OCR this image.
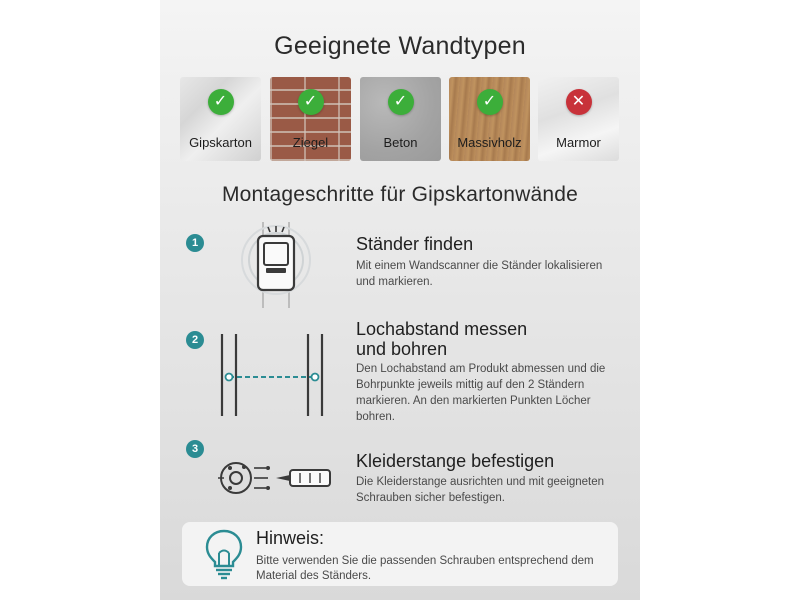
Geeignete Wandtypen
✓
Gipskarton
✓
Ziegel
✓
Beton
✓
Massivholz
✕
Marmor
Montageschritte für Gipskartonwände
1	Ständer finden
Mit einem Wandscanner die Ständer lokalisieren und markieren.
2
Lochabstand messen
und bohren
Den Lochabstand am Produkt abmessen und die Bohrpunkte jeweils mittig auf den 2 Ständern markieren. An den markierten Punkten Löcher bohren.
3
Kleiderstange befestigen
Die Kleiderstange ausrichten und mit geeigneten Schrauben sicher befestigen.
Hinweis:
Bitte verwenden Sie die passenden Schrauben entsprechend dem Material des Ständers.
